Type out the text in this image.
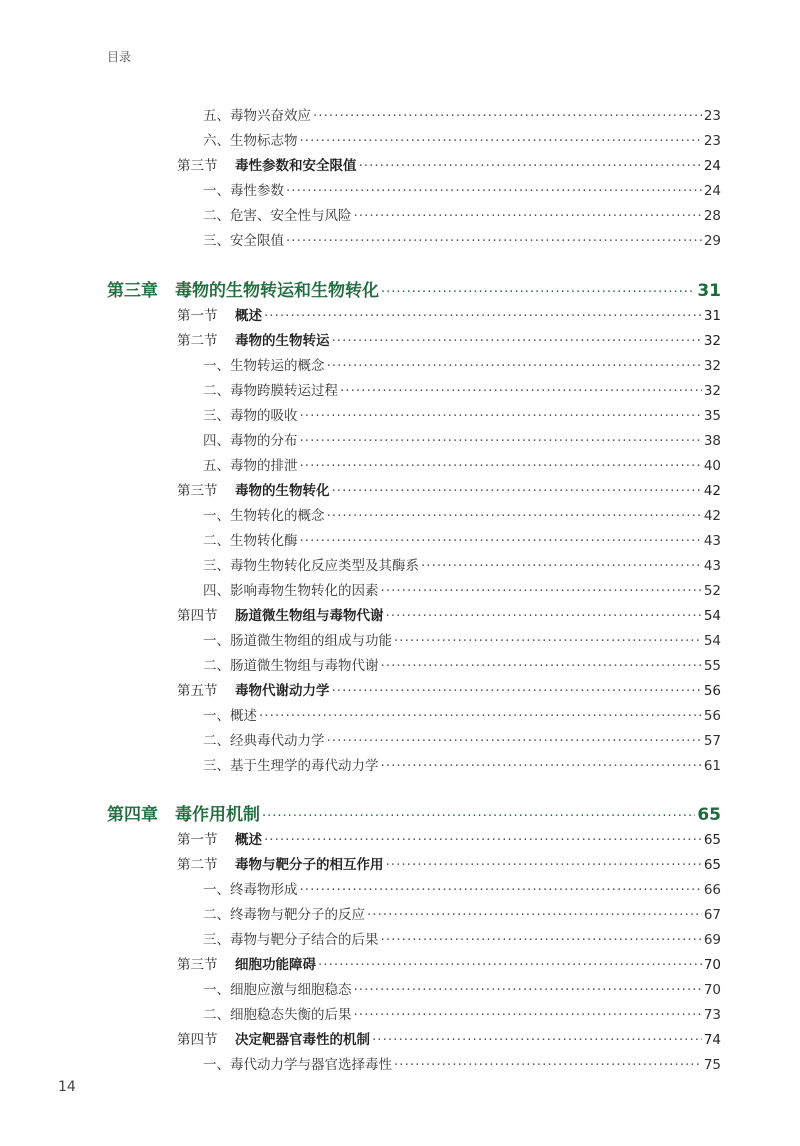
目录
五、毒物兴奋效应 ·····	23
六、生物标志物 ·····	23
第三节 毒性参数和安全限值 ·····	24
一、毒性参数 ·····	24
二、危害、安全性与风险 ·····	28
三、安全限值 ·····	29
第三章 毒物的生物转运和生物转化 ·····	31
第一节 概述 ·····	31
第二节 毒物的生物转运 ·····	32
一、生物转运的概念 ·····	32
二、毒物跨膜转运过程 ·····	32
三、毒物的吸收 ·····	35
四、毒物的分布 ·····	38
五、毒物的排泄 ·····	40
第三节 毒物的生物转化 ·····	42
一、生物转化的概念 ·····	42
二、生物转化酶 ·····	43
三、毒物生物转化反应类型及其酶系 ·····	43
四、影响毒物生物转化的因素 ·····	52
第四节 肠道微生物组与毒物代谢 ·····	54
一、肠道微生物组的组成与功能 ·····	54
二、肠道微生物组与毒物代谢 ·····	55
第五节 毒物代谢动力学 ·····	56
一、概述 ·····	56
二、经典毒代动力学 ·····	57
三、基于生理学的毒代动力学 ·····	61
第四章 毒作用机制 ·····	65
第一节 概述 ·····	65
第二节 毒物与靶分子的相互作用 ·····	65
一、终毒物形成 ·····	66
二、终毒物与靶分子的反应 ·····	67
三、毒物与靶分子结合的后果 ·····	69
第三节 细胞功能障碍 ·····	70
一、细胞应激与细胞稳态 ·····	70
二、细胞稳态失衡的后果 ·····	73
第四节 决定靶器官毒性的机制 ·····	74
一、毒代动力学与器官选择毒性 ·····	75
14
